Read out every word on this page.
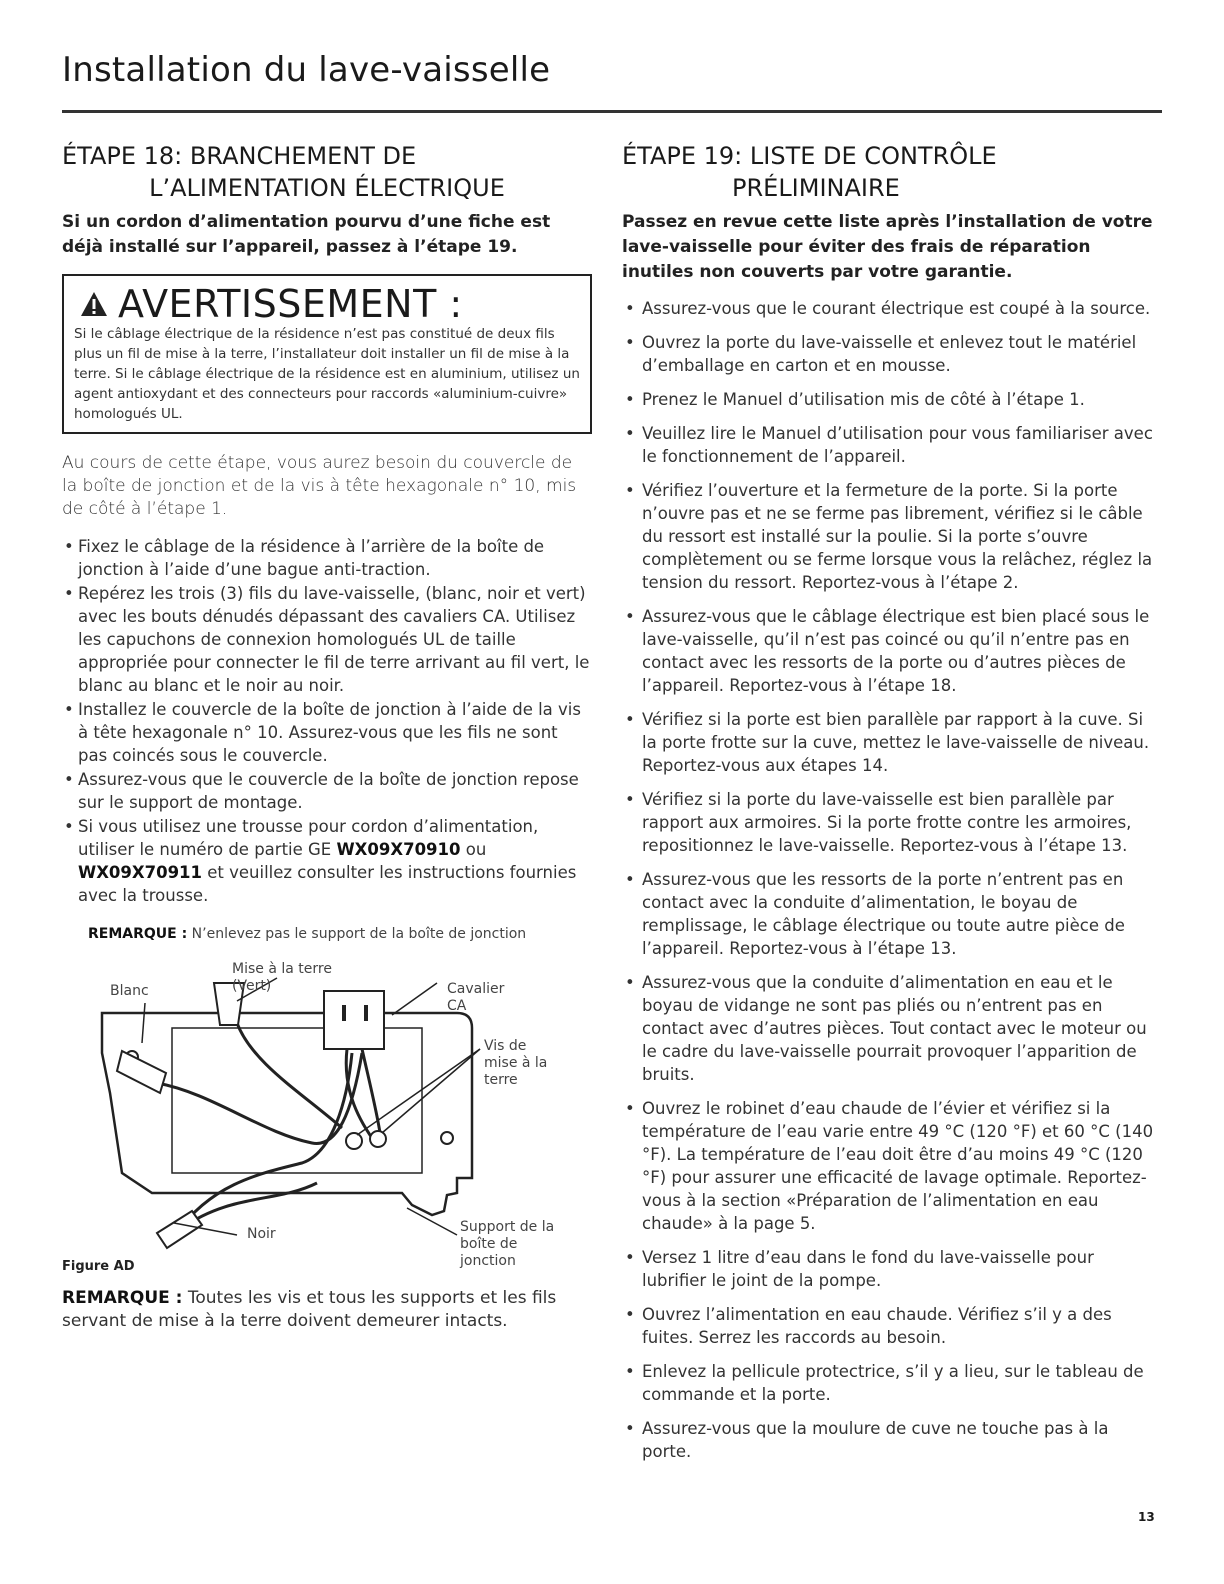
Installation du lave-vaisselle
ÉTAPE 18: BRANCHEMENT DE
L’ALIMENTATION ÉLECTRIQUE

Si un cordon d’alimentation pourvu d’une fiche est déjà installé sur l’appareil, passez à l’étape 19.

AVERTISSEMENT :
Si le câblage électrique de la résidence n’est pas constitué de deux fils plus un fil de mise à la terre, l’installateur doit installer un fil de mise à la terre. Si le câblage électrique de la résidence est en aluminium, utilisez un agent antioxydant et des connecteurs pour raccords «aluminium-cuivre» homologués UL.

Au cours de cette étape, vous aurez besoin du couvercle de la boîte de jonction et de la vis à tête hexagonale n° 10, mis de côté à l’étape 1.

• Fixez le câblage de la résidence à l’arrière de la boîte de jonction à l’aide d’une bague anti-traction.
• Repérez les trois (3) fils du lave-vaisselle, (blanc, noir et vert) avec les bouts dénudés dépassant des cavaliers CA. Utilisez les capuchons de connexion homologués UL de taille appropriée pour connecter le fil de terre arrivant au fil vert, le blanc au blanc et le noir au noir.
• Installez le couvercle de la boîte de jonction à l’aide de la vis à tête hexagonale n° 10. Assurez-vous que les fils ne sont pas coincés sous le couvercle.
• Assurez-vous que le couvercle de la boîte de jonction repose sur le support de montage.
• Si vous utilisez une trousse pour cordon d’alimentation, utiliser le numéro de partie GE WX09X70910 ou WX09X70911 et veuillez consulter les instructions fournies avec la trousse.
REMARQUE : N’enlevez pas le support de la boîte de jonction
Blanc
Mise à la terre (Vert)	Cavalier CA
Vis de mise à la terre
Noir	Support de la boîte de jonction
Figure AD
REMARQUE : Toutes les vis et tous les supports et les fils servant de mise à la terre doivent demeurer intacts.
ÉTAPE 19: LISTE DE CONTRÔLE
PRÉLIMINAIRE

Passez en revue cette liste après l’installation de votre lave-vaisselle pour éviter des frais de réparation inutiles non couverts par votre garantie.

• Assurez-vous que le courant électrique est coupé à la source.
• Ouvrez la porte du lave-vaisselle et enlevez tout le matériel d’emballage en carton et en mousse.
• Prenez le Manuel d’utilisation mis de côté à l’étape 1.
• Veuillez lire le Manuel d’utilisation pour vous familiariser avec le fonctionnement de l’appareil.
• Vérifiez l’ouverture et la fermeture de la porte. Si la porte n’ouvre pas et ne se ferme pas librement, vérifiez si le câble du ressort est installé sur la poulie. Si la porte s’ouvre complètement ou se ferme lorsque vous la relâchez, réglez la tension du ressort. Reportez-vous à l’étape 2.
• Assurez-vous que le câblage électrique est bien placé sous le lave-vaisselle, qu’il n’est pas coincé ou qu’il n’entre pas en contact avec les ressorts de la porte ou d’autres pièces de l’appareil. Reportez-vous à l’étape 18.
• Vérifiez si la porte est bien parallèle par rapport à la cuve. Si la porte frotte sur la cuve, mettez le lave-vaisselle de niveau. Reportez-vous aux étapes 14.
• Vérifiez si la porte du lave-vaisselle est bien parallèle par rapport aux armoires. Si la porte frotte contre les armoires, repositionnez le lave-vaisselle. Reportez-vous à l’étape 13.
• Assurez-vous que les ressorts de la porte n’entrent pas en contact avec la conduite d’alimentation, le boyau de remplissage, le câblage électrique ou toute autre pièce de l’appareil. Reportez-vous à l’étape 13.
• Assurez-vous que la conduite d’alimentation en eau et le boyau de vidange ne sont pas pliés ou n’entrent pas en contact avec d’autres pièces. Tout contact avec le moteur ou le cadre du lave-vaisselle pourrait provoquer l’apparition de bruits.
• Ouvrez le robinet d’eau chaude de l’évier et vérifiez si la température de l’eau varie entre 49 °C (120 °F) et 60 °C (140 °F). La température de l’eau doit être d’au moins 49 °C (120 °F) pour assurer une efficacité de lavage optimale. Reportez-vous à la section «Préparation de l’alimentation en eau chaude» à la page 5.
• Versez 1 litre d’eau dans le fond du lave-vaisselle pour lubrifier le joint de la pompe.
• Ouvrez l’alimentation en eau chaude. Vérifiez s’il y a des fuites. Serrez les raccords au besoin.
• Enlevez la pellicule protectrice, s’il y a lieu, sur le tableau de commande et la porte.
• Assurez-vous que la moulure de cuve ne touche pas à la porte.
13
